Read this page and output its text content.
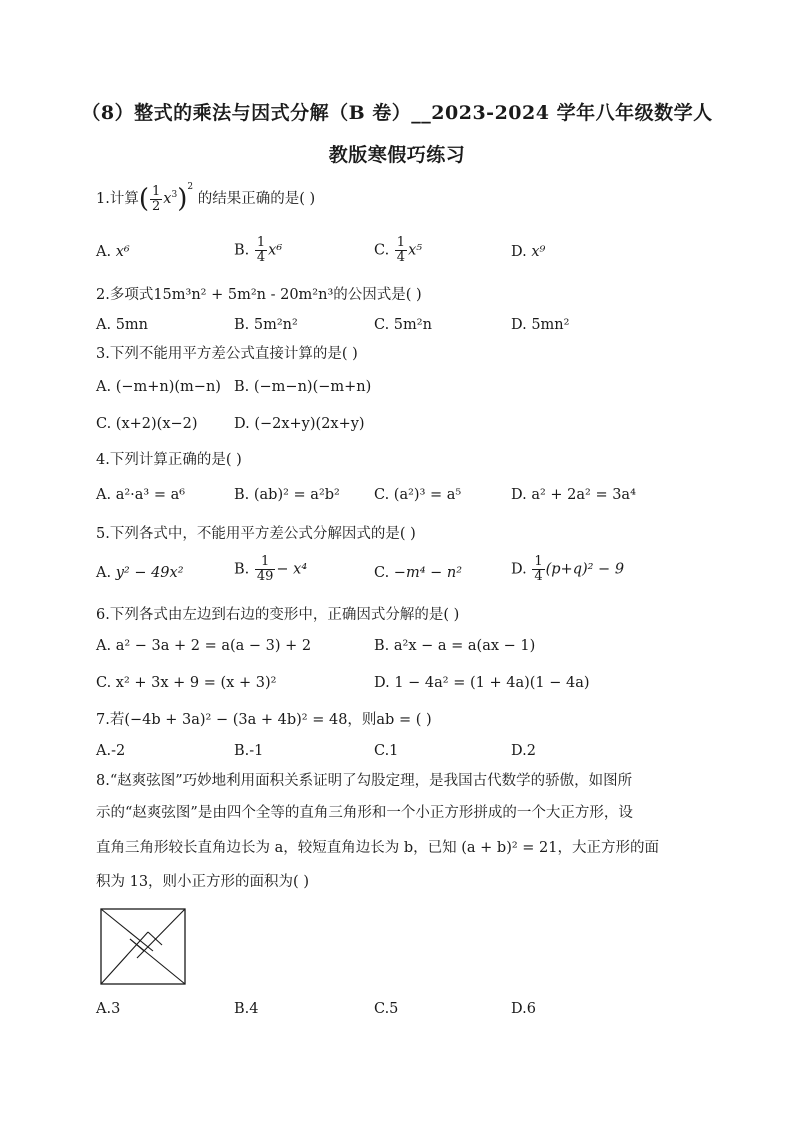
（8）整式的乘法与因式分解（B 卷）__2023-2024 学年八年级数学人
教版寒假巧练习
1.计算( $\frac{1}{2} x^3)^2$ 的结果正确的是( )
A. x⁶	B. $\frac{1}{4} x^6$	C. $\frac{1}{4} x^5$	D. x⁹
2.多项式15m³n² + 5m²n - 20m²n³的公因式是( )
A. 5mn	B. 5m²n²	C. 5m²n	D. 5mn²
3.下列不能用平方差公式直接计算的是( )
A. (−m+n)(m−n) B. (−m−n)(−m+n)
C. (x+2)(x−2)	D. (−2x+y)(2x+y)
4.下列计算正确的是( )
A. a²·a³ = a⁶	B. (ab)² = a²b² C. (a²)³ = a⁵	D. a² + 2a² = 3a⁴
5.下列各式中，不能用平方差公式分解因式的是( )
A. y² − 49x²	B. $\frac{1}{49} - x^4$	C. −m⁴ − n²	D. $\frac{1}{4} (p+q)^2 - 9$
6.下列各式由左边到右边的变形中，正确因式分解的是( )
A. a² − 3a + 2 = a(a − 3) + 2	B. a²x − a = a(ax − 1)
C. x² + 3x + 9 = (x + 3)²	D. 1 − 4a² = (1 + 4a)(1 − 4a)
7.若(−4b + 3a)² − (3a + 4b)² = 48，则ab = ( )
A.-2	B.-1	C.1	D.2
8.“赵爽弦图”巧妙地利用面积关系证明了勾股定理，是我国古代数学的骄傲，如图所
示的“赵爽弦图”是由四个全等的直角三角形和一个小正方形拼成的一个大正方形，设
直角三角形较长直角边长为 a，较短直角边长为 b，已知 (a + b)² = 21，大正方形的面
积为 13，则小正方形的面积为( )
A.3	B.4	C.5	D.6
